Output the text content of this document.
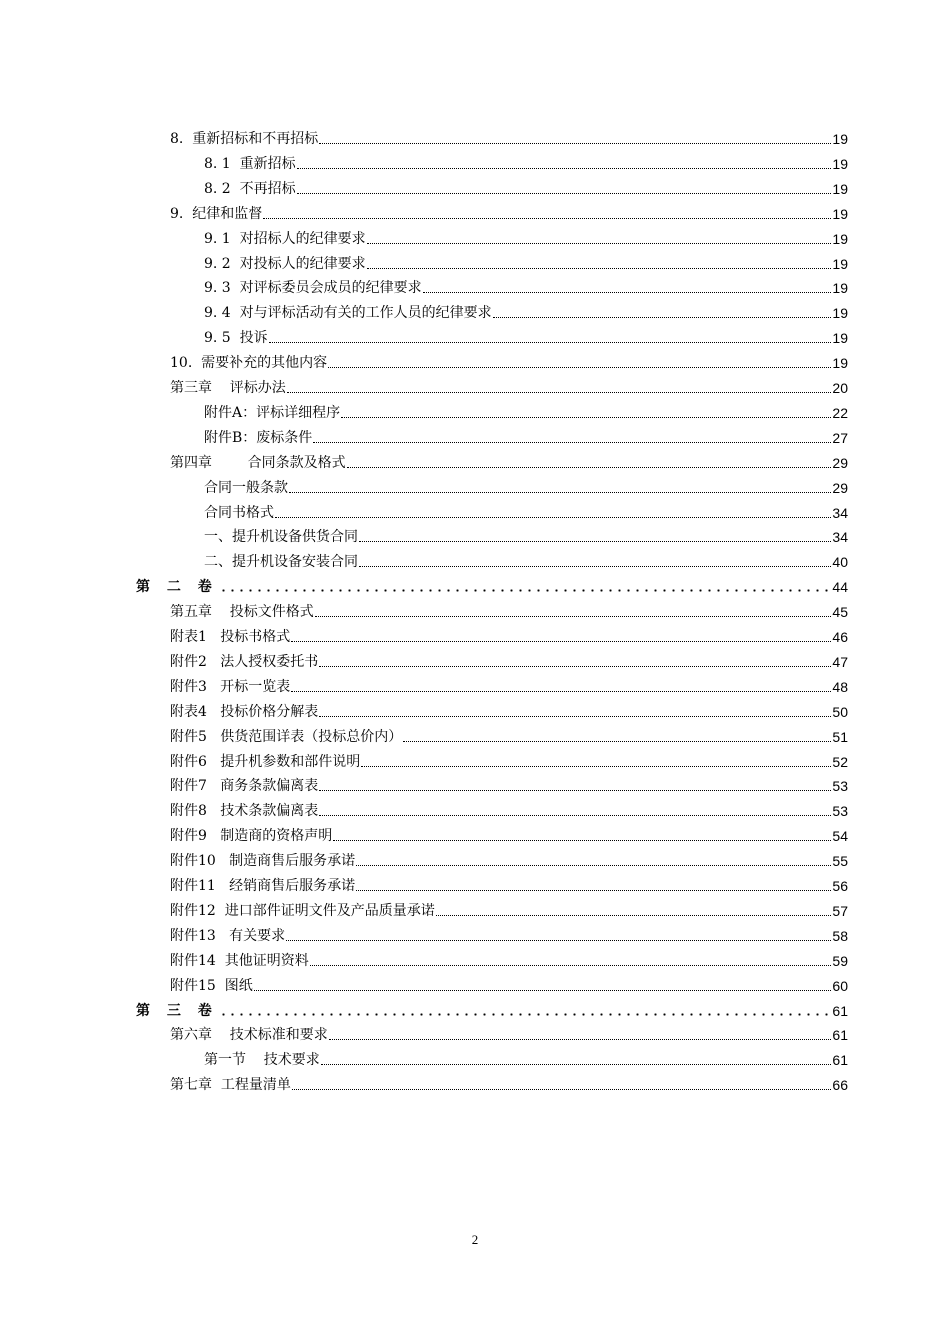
8.  重新招标和不再招标	19
8. 1  重新招标	19
8. 2  不再招标	19
9.  纪律和监督	19
9. 1  对招标人的纪律要求	19
9. 2  对投标人的纪律要求	19
9. 3  对评标委员会成员的纪律要求	19
9. 4  对与评标活动有关的工作人员的纪律要求	19
9. 5  投诉	19
10.  需要补充的其他内容	19
第三章    评标办法	20
附件A：评标详细程序	22
附件B：废标条件	27
第四章        合同条款及格式	29
合同一般条款	29
合同书格式	34
一、提升机设备供货合同	34
二、提升机设备安装合同	40
第 二 卷	44
第五章    投标文件格式	45
附表1   投标书格式	46
附件2   法人授权委托书	47
附件3   开标一览表	48
附表4   投标价格分解表	50
附件5   供货范围详表（投标总价内）	51
附件6   提升机参数和部件说明	52
附件7   商务条款偏离表	53
附件8   技术条款偏离表	53
附件9   制造商的资格声明	54
附件10   制造商售后服务承诺	55
附件11   经销商售后服务承诺	56
附件12  进口部件证明文件及产品质量承诺	57
附件13   有关要求	58
附件14  其他证明资料	59
附件15  图纸	60
第 三 卷	61
第六章    技术标准和要求	61
第一节    技术要求	61
第七章  工程量清单	66
2
